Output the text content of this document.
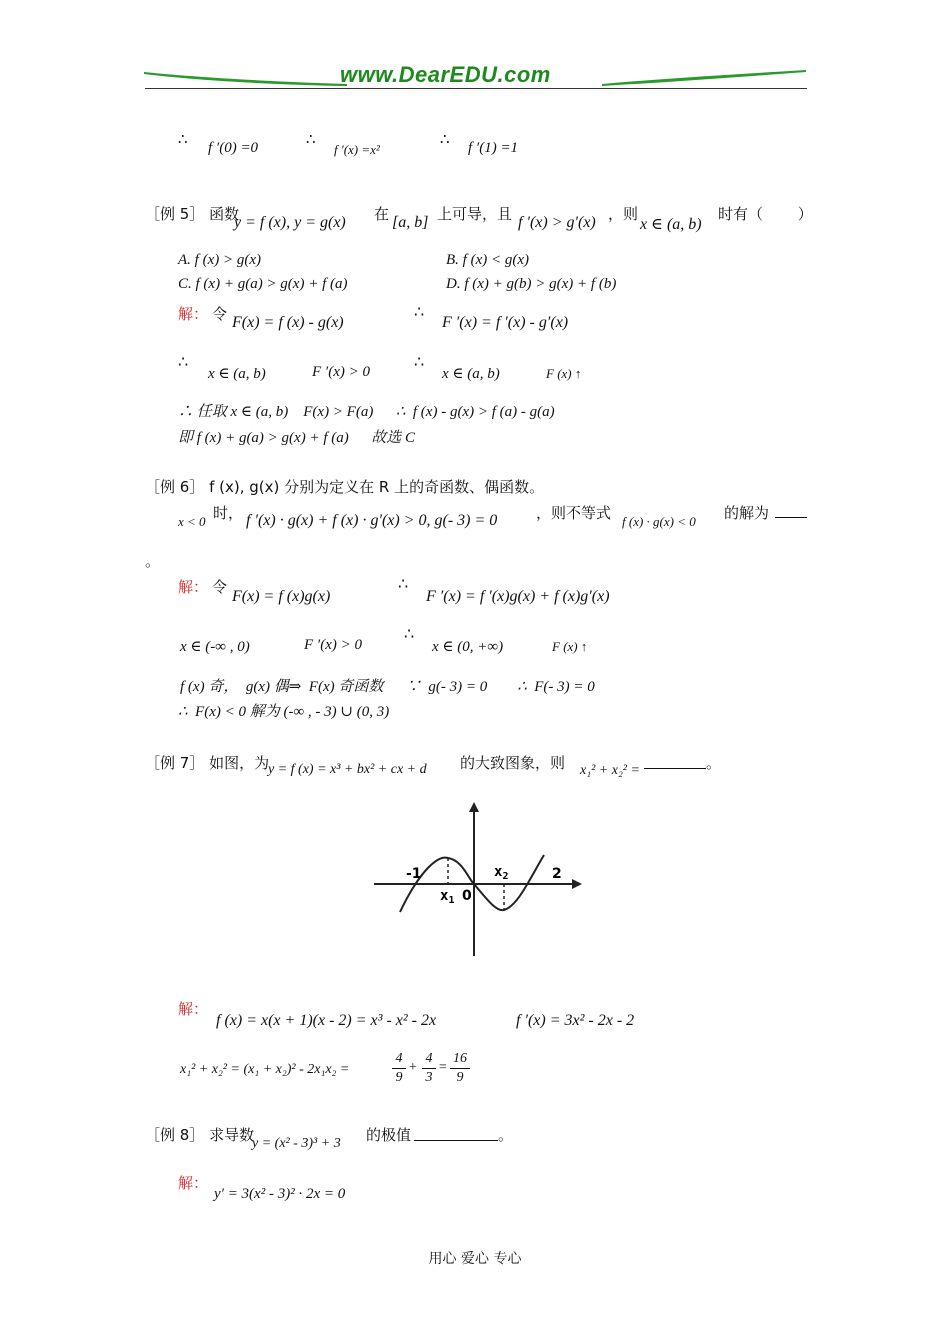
www.DearEDU.com
∴ f ′(0) =0	∴
f ′(x) =x²
∴ f ′(1) =1
［例 5］ 函数
y = f (x), y = g(x) 在 [a, b] 上可导，且 f ′(x) > g′(x) ，则
x ∈ (a, b)
时有（ ）
A. f (x) > g(x)	B. f (x) < g(x)
C. f (x) + g(a) > g(x) + f (a)	D. f (x) + g(b) > g(x) + f (b)
解： 令 F(x) = f (x) - g(x)
∴
F ′(x) = f ′(x) - g′(x)
∴
x ∈ (a, b)	F ′(x) > 0
∴
x ∈ (a, b)	F (x) ↑
∴ 任取 x ∈ (a, b)    F(x) > F(a)      ∴  f (x) - g(x) > f (a) - g(a)
即 f (x) + g(a) > g(x) + f (a)      故选 C
［例 6］ f (x), g(x) 分别为定义在 R 上的奇函数、偶函数。
x < 0 时， f ′(x) · g(x) + f (x) · g′(x) > 0, g(- 3) = 0	，则不等式 f (x) · g(x) < 0 的解为
。
解： 令
F(x) = f (x)g(x)
∴
F ′(x) = f ′(x)g(x) + f (x)g′(x)
x ∈ (-∞ , 0)	F ′(x) > 0
∴
x ∈ (0, +∞)	F (x) ↑
f (x) 奇，  g(x) 偶⇒  F(x) 奇函数      ∵  g(- 3) = 0        ∴  F(- 3) = 0
∴  F(x) < 0 解为 (-∞ , - 3) ∪ (0, 3)
［例 7］ 如图，为
y = f (x) = x³ + bx² + cx + d 的大致图象，则 x₁² + x₂² =	。
-1
$x_1$ 0
$x_2$	2
解：
f (x) = x(x + 1)(x - 2) = x³ - x² - 2x	f ′(x) = 3x² - 2x - 2
x₁² + x₂² = (x₁ + x₂)² - 2x₁x₂ =
4
9
+
4
3
=
16
9
［例 8］ 求导数
y = (x² - 3)³ + 3 的极值	。
解：
y′ = 3(x² - 3)² · 2x = 0
用心 爱心 专心
